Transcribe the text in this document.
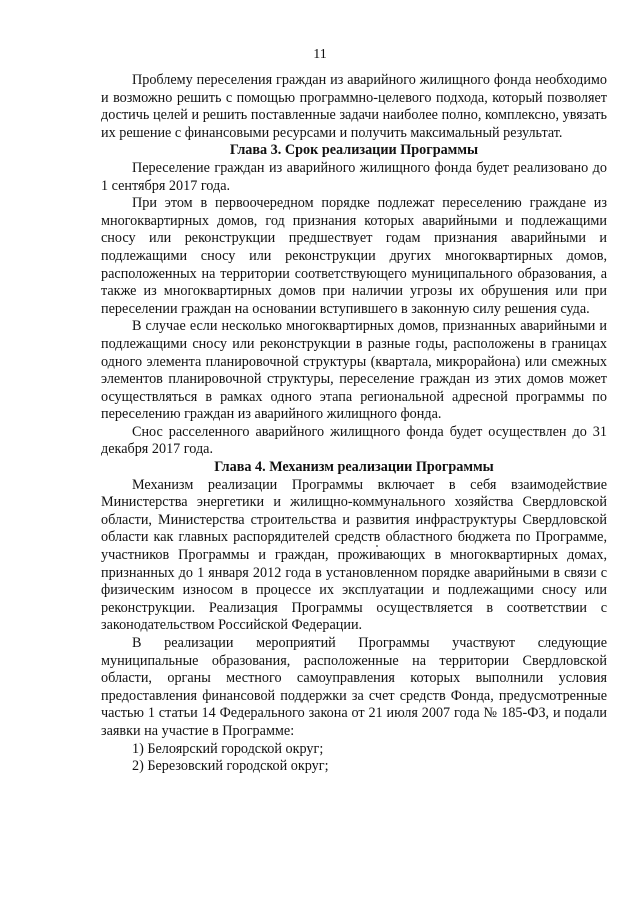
11

Проблему переселения граждан из аварийного жилищного фонда необходимо и возможно решить с помощью программно-целевого подхода, который позволяет достичь целей и решить поставленные задачи наиболее полно, комплексно, увязать их решение с финансовыми ресурсами и получить максимальный результат.

Глава 3. Срок реализации Программы

Переселение граждан из аварийного жилищного фонда будет реализовано до 1 сентября 2017 года.

При этом в первоочередном порядке подлежат переселению граждане из многоквартирных домов, год признания которых аварийными и подлежащими сносу или реконструкции предшествует годам признания аварийными и подлежащими сносу или реконструкции других многоквартирных домов, расположенных на территории соответствующего муниципального образования, а также из многоквартирных домов при наличии угрозы их обрушения или при переселении граждан на основании вступившего в законную силу решения суда.

В случае если несколько многоквартирных домов, признанных аварийными и подлежащими сносу или реконструкции в разные годы, расположены в границах одного элемента планировочной структуры (квартала, микрорайона) или смежных элементов планировочной структуры, переселение граждан из этих домов может осуществляться в рамках одного этапа региональной адресной программы по переселению граждан из аварийного жилищного фонда.

Снос расселенного аварийного жилищного фонда будет осуществлен до 31 декабря 2017 года.

Глава 4. Механизм реализации Программы

Механизм реализации Программы включает в себя взаимодействие Министерства энергетики и жилищно-коммунального хозяйства Свердловской области, Министерства строительства и развития инфраструктуры Свердловской области как главных распорядителей средств областного бюджета по Программе, участников Программы и граждан, проживающих в многоквартирных домах, признанных до 1 января 2012 года в установленном порядке аварийными в связи с физическим износом в процессе их эксплуатации и подлежащими сносу или реконструкции. Реализация Программы осуществляется в соответствии с законодательством Российской Федерации.

В реализации мероприятий Программы участвуют следующие муниципальные образования, расположенные на территории Свердловской области, органы местного самоуправления которых выполнили условия предоставления финансовой поддержки за счет средств Фонда, предусмотренные частью 1 статьи 14 Федерального закона от 21 июля 2007 года № 185-ФЗ, и подали заявки на участие в Программе:

1) Белоярский городской округ;

2) Березовский городской округ;
